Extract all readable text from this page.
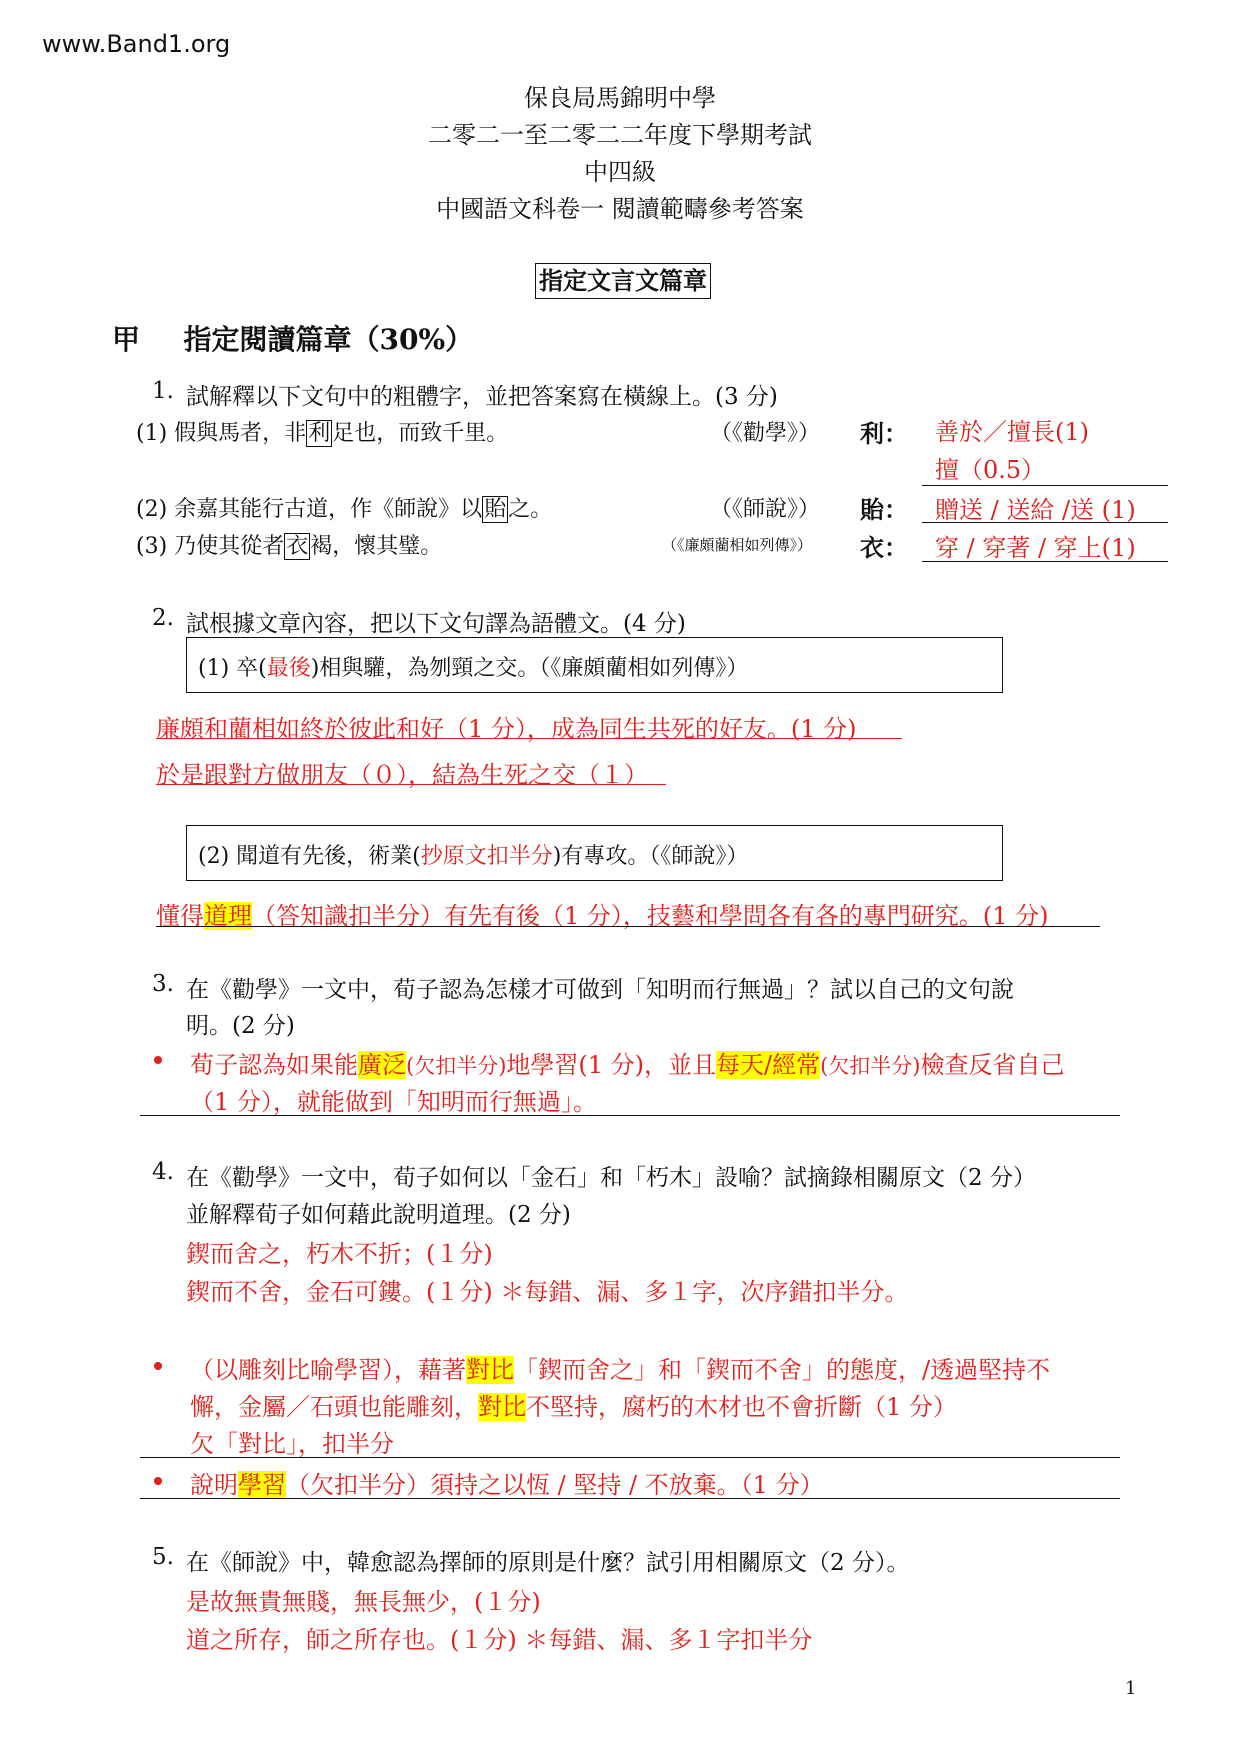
www.Band1.org
保良局馬錦明中學
二零二一至二零二二年度下學期考試
中四級
中國語文科卷一 閱讀範疇參考答案
指定文言文篇章
甲 指定閱讀篇章（30%）
1. 試解釋以下文句中的粗體字，並把答案寫在橫線上。(3 分)
(1) 假與馬者，非利足也，而致千里。	（《勸學》） 利： 善於／擅長(1)
擅（0.5）
(2) 余嘉其能行古道，作《師說》以貽之。	（《師說》） 貽： 贈送 / 送給 /送 (1)
(3) 乃使其從者衣褐，懷其璧。	（《廉頗藺相如列傳》） 衣： 穿 / 穿著 / 穿上(1)
2. 試根據文章內容，把以下文句譯為語體文。(4 分)
(1) 卒(最後)相與驩，為刎頸之交。（《廉頗藺相如列傳》）
廉頗和藺相如終於彼此和好（1 分），成為同生共死的好友。(1 分)
於是跟對方做朋友（０），結為生死之交（１）
(2) 聞道有先後，術業(抄原文扣半分)有專攻。（《師說》）
懂得道理（答知識扣半分）有先有後（1 分），技藝和學問各有各的專門研究。(1 分)
3. 在《勸學》一文中，荀子認為怎樣才可做到「知明而行無過」？試以自己的文句說
明。(2 分)
荀子認為如果能廣泛(欠扣半分)地學習(1 分)，並且每天/經常(欠扣半分)檢查反省自己
（1 分），就能做到「知明而行無過」。
4. 在《勸學》一文中，荀子如何以「金石」和「朽木」設喻？試摘錄相關原文（2 分）
並解釋荀子如何藉此說明道理。(2 分)
鍥而舍之，朽木不折；(１分)
鍥而不舍，金石可鏤。(１分) ＊每錯、漏、多１字，次序錯扣半分。
（以雕刻比喻學習），藉著對比「鍥而舍之」和「鍥而不舍」的態度，/透過堅持不
懈，金屬／石頭也能雕刻，對比不堅持，腐朽的木材也不會折斷（1 分）
欠「對比」，扣半分
說明學習（欠扣半分）須持之以恆 / 堅持 / 不放棄。（1 分）
5. 在《師說》中，韓愈認為擇師的原則是什麼？試引用相關原文（2 分）。
是故無貴無賤，無長無少，(１分)
道之所存，師之所存也。(１分) ＊每錯、漏、多１字扣半分
1
